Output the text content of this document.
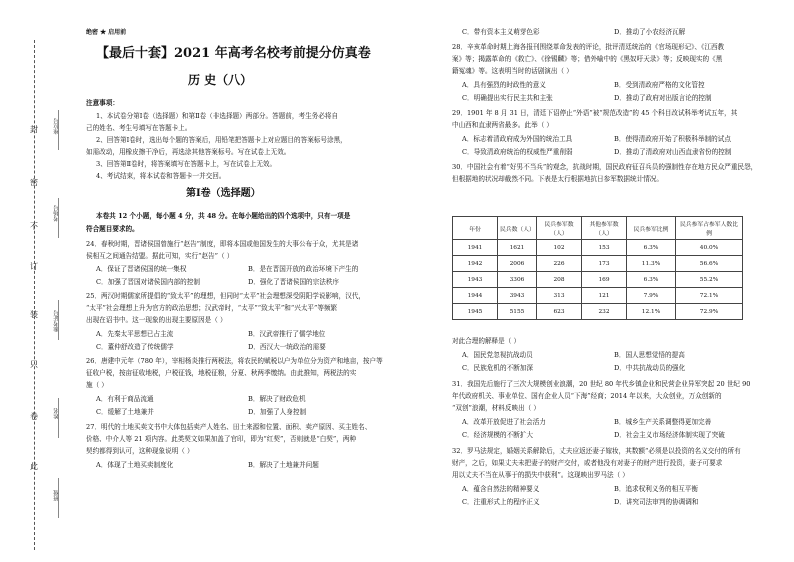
封
密
不
订
装
只
卷
此
座位号
考场号
准考证号
姓名
班级
绝密 ★ 启用前
【最后十套】2021 年高考名校考前提分仿真卷
历 史（八）
注意事项：
1、本试卷分第Ⅰ卷（选择题）和第Ⅱ卷（非选择题）两部分。答题前，考生务必将自
己的姓名、考生号填写在答题卡上。
2、回答第Ⅰ卷时，选出每个题的答案后，用铅笔把答题卡上对应题目的答案标号涂黑，
如需改动，用橡皮擦干净后，再选涂其他答案标号。写在试卷上无效。
3、回答第Ⅱ卷时，将答案填写在答题卡上，写在试卷上无效。
4、考试结束，将本试卷和答题卡一并交回。
第Ⅰ卷（选择题）
本卷共 12 个小题，每小题 4 分，共 48 分。在每小题给出的四个选项中，只有一项是
符合题目要求的。
24．春秋时期，晋诸侯国曾施行“赵告”制度，即将本国或他国发生的大事公布于众，尤其是诸
侯相互之间通告结盟。据此可知，实行“赵告”（ ）
A．保证了晋诸侯国的统一集权	B．是在晋国开放的政治环境下产生的
C．加强了晋国对诸侯国内部的控制	D．强化了晋诸侯国的宗法秩序
25．两汉时期儒家所提倡的“致太平”的理想，但同时“太平”社会理想深受阴阳学说影响，汉代，
“太平”社会理想上升为官方的政治思想；汉武帝时，“太平”“致太平”和“兴太平”等频繁
出现在诏书中。这一现象的出现主要原因是（ ）
A．先秦太平思想已占主流	B．汉武帝推行了儒学地位
C．董仲舒改造了传统儒学	D．西汉大一统政治的需要
26．唐建中元年（780 年），宰相杨炎推行两税法，将农民的赋税以户为单位分为资产和地亩，按户等
征收户税，按亩征收地税，户税征钱，地税征粮，分夏、秋两季缴纳。由此推知，两税法的实
施（ ）
A．有利于商品流通	B．解决了财政危机
C．缓解了土地兼并	D．加强了人身控制
27．明代的土地买卖文书中大体包括卖产人姓名、田土来源和位置、面积、卖产原因、买主姓名、
价格、中介人等 21 项内容。此类契文如果加盖了官印，即为“红契”，否则就是“白契”，两种
契约都得到认可，这种现象说明（ ）
A．体现了土地买卖制度化	B．解决了土地兼并问题
C．带有资本主义萌芽色彩	D．推动了小农经济瓦解
28．辛亥革命时期上海各报刊围绕革命发表的评论，批评清廷统治的《官场现形记》、《江西教
案》等；揭露革命的《救亡》、《徐锡麟》等；借外喻中的《黑奴吁天录》等；反映现实的《黑
籍冤魂》等。这表明当时的话剧演出（ ）
A．具有强烈的时政性的意义	B．受到清政府严格的文化管控
C．明确提出实行民主共和主张	D．推动了政府对出版言论的控制
29．1901 年 8 月 31 日，清廷下诏停止“外语”被“规范改造”的 45 个科目改试科举考试五年，其
中山西和直隶两省最多。此举（ ）
A．标志着清政府成为外国的统治工具	B．使得清政府开始了积极科举制的试点
C．导致清政府统治的权威性严重削弱	D．推动了清政府对山西直隶省份的控制
30．中国社会有着“好男不当兵”的观念，抗战时期，国民政府征召兵员的强制性存在地方民众严重民怨，
但根据地的状况却截然不同。下表是太行根据地抗日参军数据统计情况。
年份	民兵数（人）	民兵参军数（人）	其他参军数（人）	民兵参军比例	民兵参军占参军人数比例
1941	1621	102	153	6.3%	40.0%
1942	2006	226	173	11.3%	56.6%
1943	3306	208	169	6.3%	55.2%
1944	3943	313	121	7.9%	72.1%
1945	5155	623	232	12.1%	72.9%
对此合理的解释是（ ）
A．国民党忽视抗战动员	B．国人思想觉悟的提高
C．民族危机的不断加深	D．中共抗战动员的强化
31．我国先后施行了三次大规模创业浪潮，20 世纪 80 年代乡镇企业和民营企业异军突起 20 世纪 90
年代政府机关、事业单位、国有企业人员“下海”经商；2014 年以来，大众创业，万众创新的
“双创”浪潮，材料反映出（ ）
A．改革开放促进了社会活力	B．城乡生产关系调整得更加完善
C．经济规模的不断扩大	D．社会主义市场经济体制实现了突破
32．罗马法规定，婚姻关系解除后，丈夫应返还妻子嫁妆，其数额“必须是以投资的名义交付的所有
财产，之后，如果丈夫未把妻子的财产交付，或者他没有对妻子的财产进行投资，妻子可要求
用以丈夫不当在从事于的损失中获利”。这现映出罗马法（ ）
A．蕴含自然法的精神要义	B．追求权利义务的相互平衡
C．注重形式上的程序正义	D．讲究司法审判的协调调和
